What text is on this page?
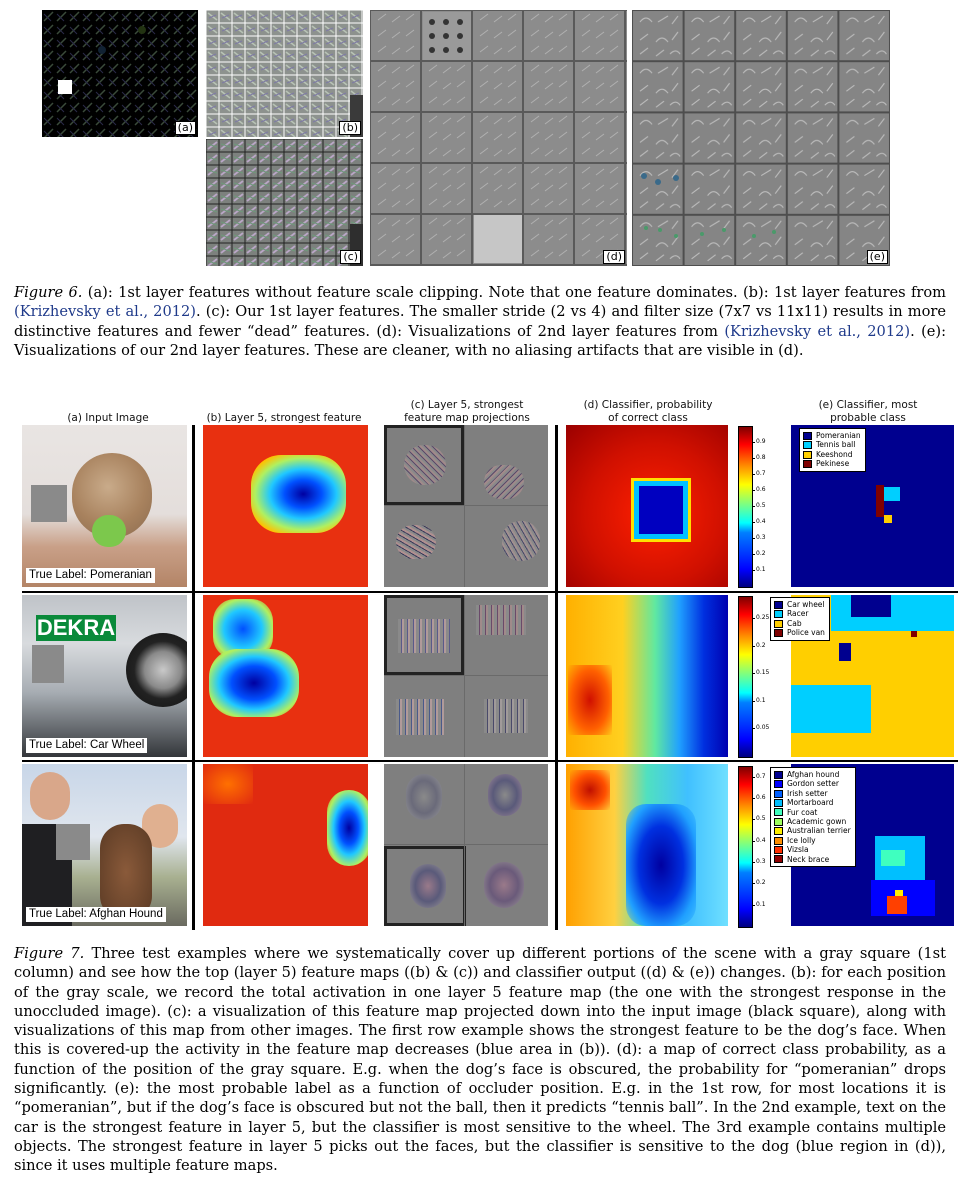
(a)	(b)
(c)	(d)	(e)
Figure 6. (a): 1st layer features without feature scale clipping. Note that one feature dominates. (b): 1st layer features from (Krizhevsky et al., 2012). (c): Our 1st layer features. The smaller stride (2 vs 4) and filter size (7x7 vs 11x11) results in more distinctive features and fewer “dead” features. (d): Visualizations of 2nd layer features from (Krizhevsky et al., 2012). (e): Visualizations of our 2nd layer features. These are cleaner, with no aliasing artifacts that are visible in (d).
(a) Input Image	(b) Layer 5, strongest feature
(c) Layer 5, strongest feature map projections
(d) Classifier, probability of correct class
(e) Classifier, most probable class
True Label: Pomeranian
Pomeranian
Tennis ball
Keeshond
Pekinese
DEKRA
True Label: Car Wheel
Car wheel
Racer
Cab
Police van
True Label: Afghan Hound
Afghan hound
Gordon setter
Irish setter
Mortarboard
Fur coat
Academic gown
Australian terrier
Ice lolly
Vizsla
Neck brace
Figure 7. Three test examples where we systematically cover up different portions of the scene with a gray square (1st column) and see how the top (layer 5) feature maps ((b) & (c)) and classifier output ((d) & (e)) changes. (b): for each position of the gray scale, we record the total activation in one layer 5 feature map (the one with the strongest response in the unoccluded image). (c): a visualization of this feature map projected down into the input image (black square), along with visualizations of this map from other images. The first row example shows the strongest feature to be the dog’s face. When this is covered-up the activity in the feature map decreases (blue area in (b)). (d): a map of correct class probability, as a function of the position of the gray square. E.g. when the dog’s face is obscured, the probability for “pomeranian” drops significantly. (e): the most probable label as a function of occluder position. E.g. in the 1st row, for most locations it is “pomeranian”, but if the dog’s face is obscured but not the ball, then it predicts “tennis ball”. In the 2nd example, text on the car is the strongest feature in layer 5, but the classifier is most sensitive to the wheel. The 3rd example contains multiple objects. The strongest feature in layer 5 picks out the faces, but the classifier is sensitive to the dog (blue region in (d)), since it uses multiple feature maps.
0.9
0.8
0.7
0.6
0.5
0.4
0.3
0.2
0.1
0.25
0.2
0.15
0.1
0.05
0.7
0.6
0.5
0.4
0.3
0.2
0.1
